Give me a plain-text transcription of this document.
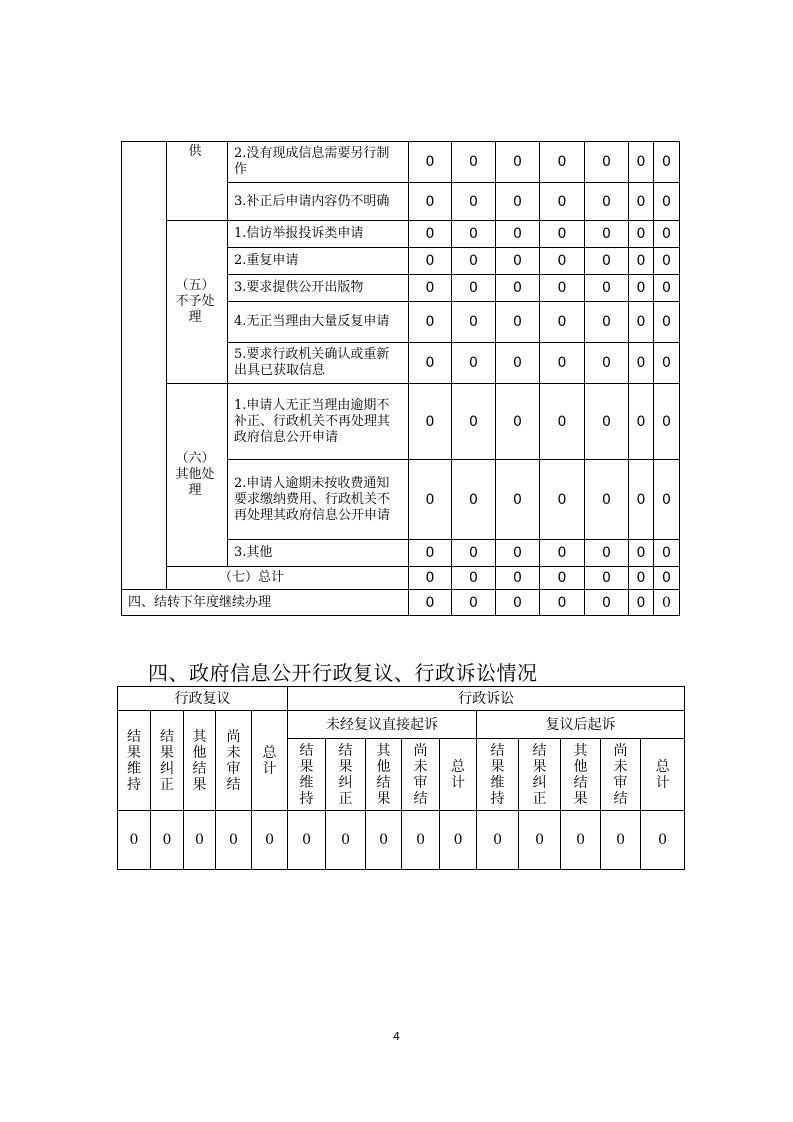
	供	2.没有现成信息需要另行制作	0	0	0	0	0	0	0
		3.补正后申请内容仍不明确	0	0	0	0	0	0	0
	（五）不予处理	1.信访举报投诉类申请	0	0	0	0	0	0	0
		2.重复申请	0	0	0	0	0	0	0
		3.要求提供公开出版物	0	0	0	0	0	0	0
		4.无正当理由大量反复申请	0	0	0	0	0	0	0
		5.要求行政机关确认或重新出具已获取信息	0	0	0	0	0	0	0
	（六）其他处理	1.申请人无正当理由逾期不补正、行政机关不再处理其政府信息公开申请	0	0	0	0	0	0	0
		2.申请人逾期未按收费通知要求缴纳费用、行政机关不再处理其政府信息公开申请	0	0	0	0	0	0	0
		3.其他	0	0	0	0	0	0	0
	（七）总计		0	0	0	0	0	0	0
四、结转下年度继续办理			0	0	0	0	0	0	0
四、政府信息公开行政复议、行政诉讼情况
行政复议					行政诉讼									
结果维持	结果纠正	其他结果	尚未审结	总计	未经复议直接起诉					复议后起诉				
					结果维持	结果纠正	其他结果	尚未审结	总计	结果维持	结果纠正	其他结果	尚未审结	总计
0	0	0	0	0	0	0	0	0	0	0	0	0	0	0
4
